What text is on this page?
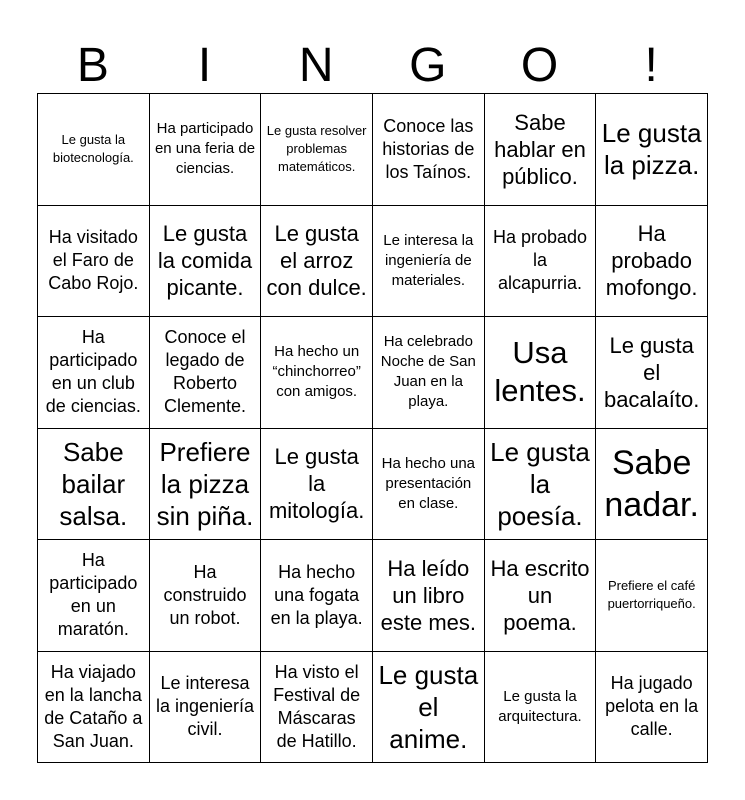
B	I	N	G	O	!
Le gusta la biotecnología.
Ha participado en una feria de ciencias.
Le gusta resolver problemas matemáticos.
Conoce las historias de los Taínos.
Sabe hablar en público.
Le gusta la pizza.
Ha visitado el Faro de Cabo Rojo.
Le gusta la comida picante.
Le gusta el arroz con dulce.
Le interesa la ingeniería de materiales.
Ha probado la alcapurria.
Ha probado mofongo.
Ha participado en un club de ciencias.
Conoce el legado de Roberto Clemente.
Ha hecho un “chinchorreo” con amigos.
Ha celebrado Noche de San Juan en la playa.
Usa lentes.
Le gusta el bacalaíto.
Sabe bailar salsa.
Prefiere la pizza sin piña.
Le gusta la mitología.
Ha hecho una presentación en clase.
Le gusta la poesía.
Sabe nadar.
Ha participado en un maratón.
Ha construido un robot.
Ha hecho una fogata en la playa.
Ha leído un libro este mes.
Ha escrito un poema.
Prefiere el café puertorriqueño.
Ha viajado en la lancha de Cataño a San Juan.
Le interesa la ingeniería civil.
Ha visto el Festival de Máscaras de Hatillo.
Le gusta el anime.
Le gusta la arquitectura.
Ha jugado pelota en la calle.
